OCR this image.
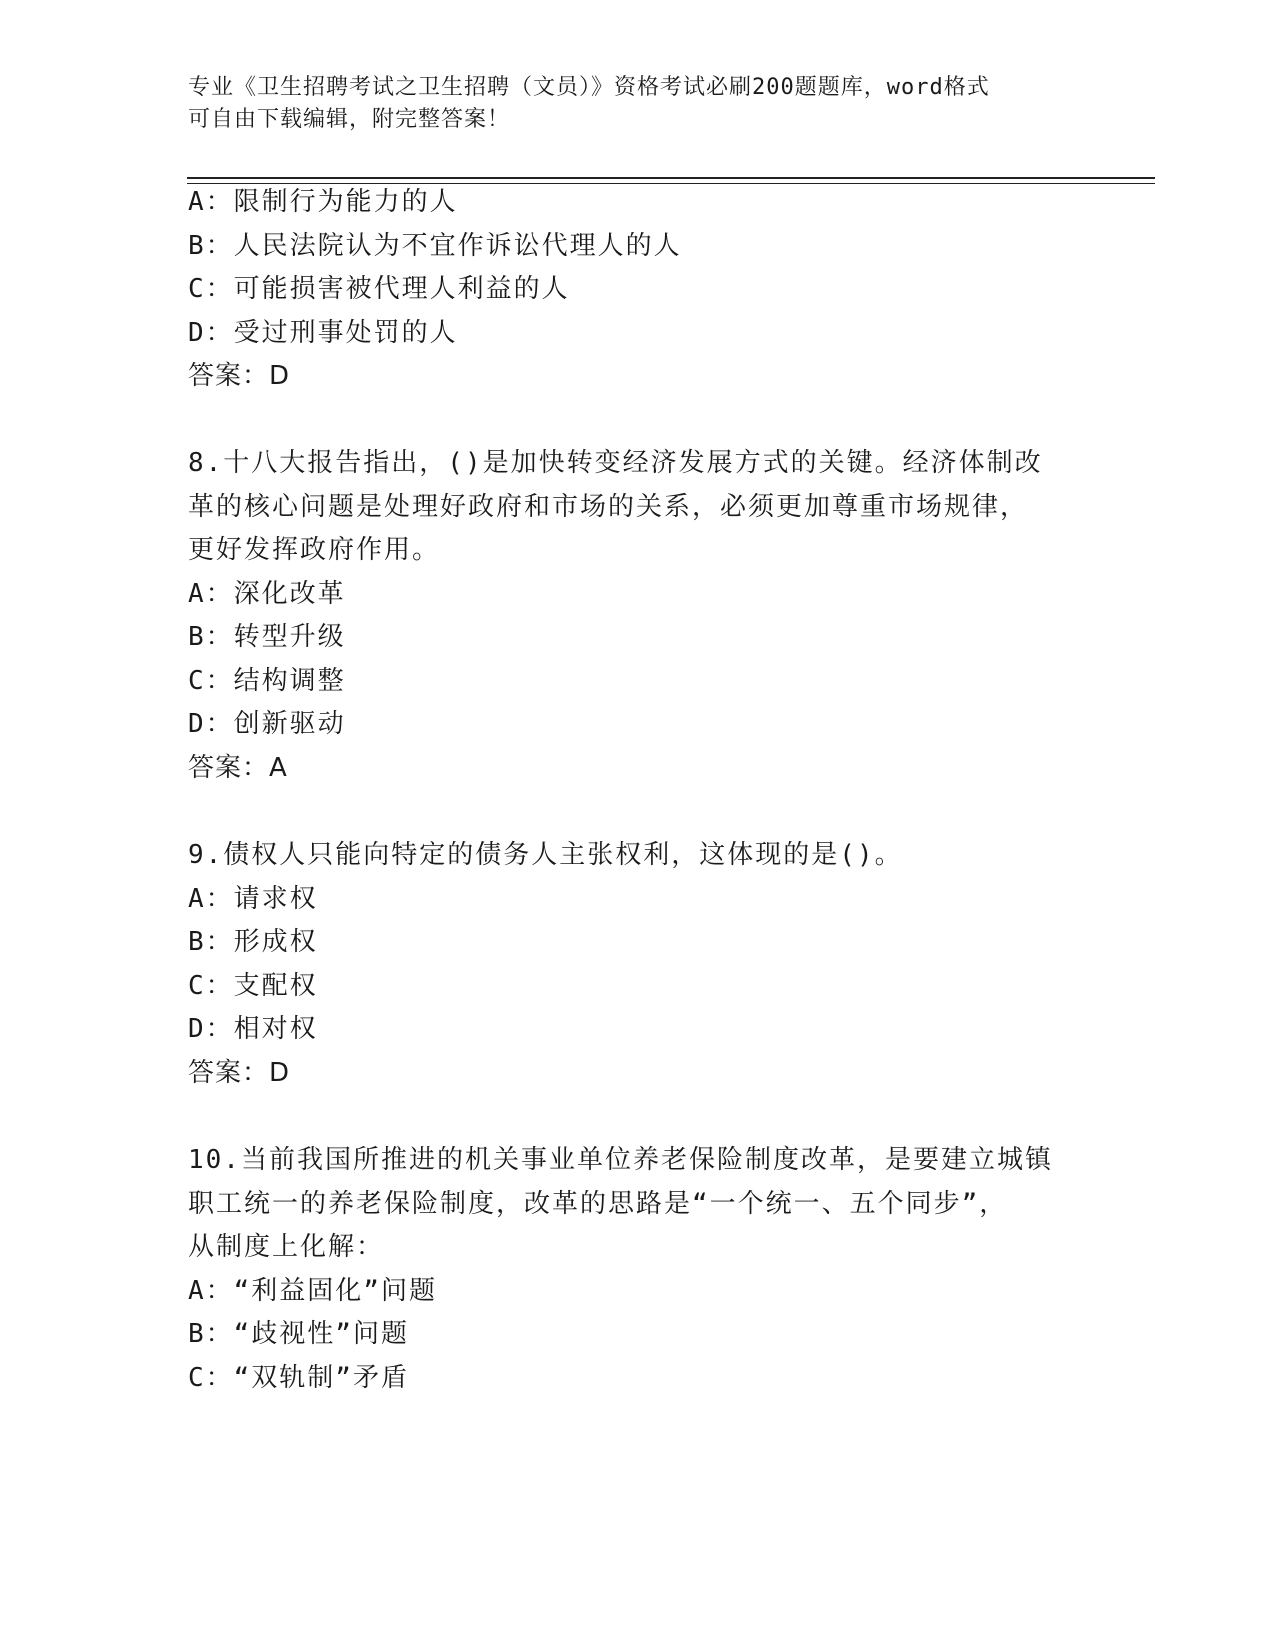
专业《卫生招聘考试之卫生招聘（文员）》资格考试必刷200题题库，word格式
可自由下载编辑，附完整答案！
A：限制行为能力的人
B：人民法院认为不宜作诉讼代理人的人
C：可能损害被代理人利益的人
D：受过刑事处罚的人
答案：D
8.十八大报告指出，()是加快转变经济发展方式的关键。经济体制改
革的核心问题是处理好政府和市场的关系，必须更加尊重市场规律，
更好发挥政府作用。
A：深化改革
B：转型升级
C：结构调整
D：创新驱动
答案：A
9.债权人只能向特定的债务人主张权利，这体现的是()。
A：请求权
B：形成权
C：支配权
D：相对权
答案：D
10.当前我国所推进的机关事业单位养老保险制度改革，是要建立城镇
职工统一的养老保险制度，改革的思路是“一个统一、五个同步”，
从制度上化解：
A：“利益固化”问题
B：“歧视性”问题
C：“双轨制”矛盾
